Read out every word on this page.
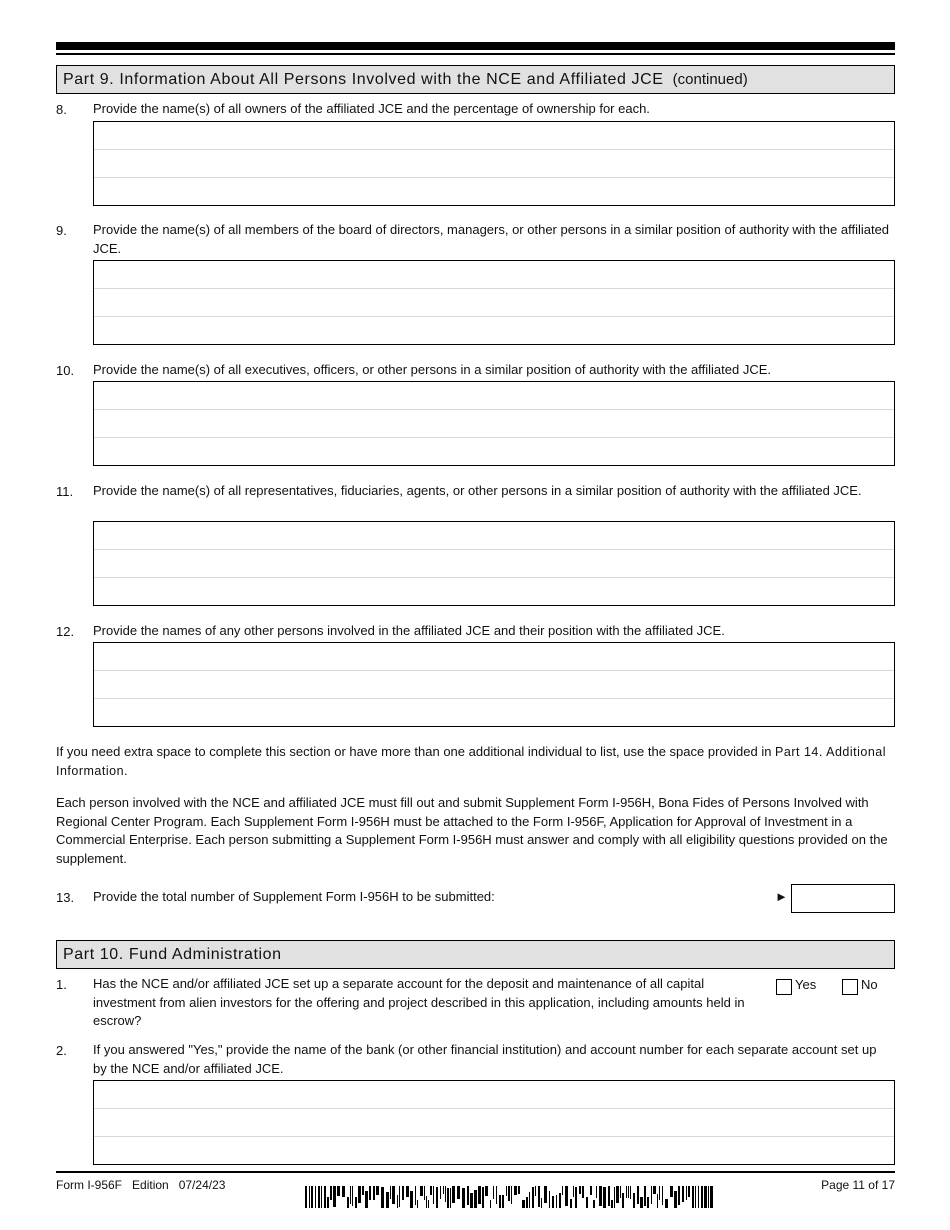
Part 9. Information About All Persons Involved with the NCE and Affiliated JCE (continued)
8. Provide the name(s) of all owners of the affiliated JCE and the percentage of ownership for each.
9. Provide the name(s) of all members of the board of directors, managers, or other persons in a similar position of authority with the affiliated JCE.
10. Provide the name(s) of all executives, officers, or other persons in a similar position of authority with the affiliated JCE.
11. Provide the name(s) of all representatives, fiduciaries, agents, or other persons in a similar position of authority with the affiliated JCE.
12. Provide the names of any other persons involved in the affiliated JCE and their position with the affiliated JCE.
If you need extra space to complete this section or have more than one additional individual to list, use the space provided in Part 14. Additional Information.
Each person involved with the NCE and affiliated JCE must fill out and submit Supplement Form I-956H, Bona Fides of Persons Involved with Regional Center Program. Each Supplement Form I-956H must be attached to the Form I-956F, Application for Approval of Investment in a Commercial Enterprise. Each person submitting a Supplement Form I-956H must answer and comply with all eligibility questions provided on the supplement.
13. Provide the total number of Supplement Form I-956H to be submitted:	►
Part 10. Fund Administration
1. Has the NCE and/or affiliated JCE set up a separate account for the deposit and maintenance of all capital investment from alien investors for the offering and project described in this application, including amounts held in escrow?
Yes	No
2. If you answered "Yes," provide the name of the bank (or other financial institution) and account number for each separate account set up by the NCE and/or affiliated JCE.
Form I-956F   Edition   07/24/23	Page 11 of 17
